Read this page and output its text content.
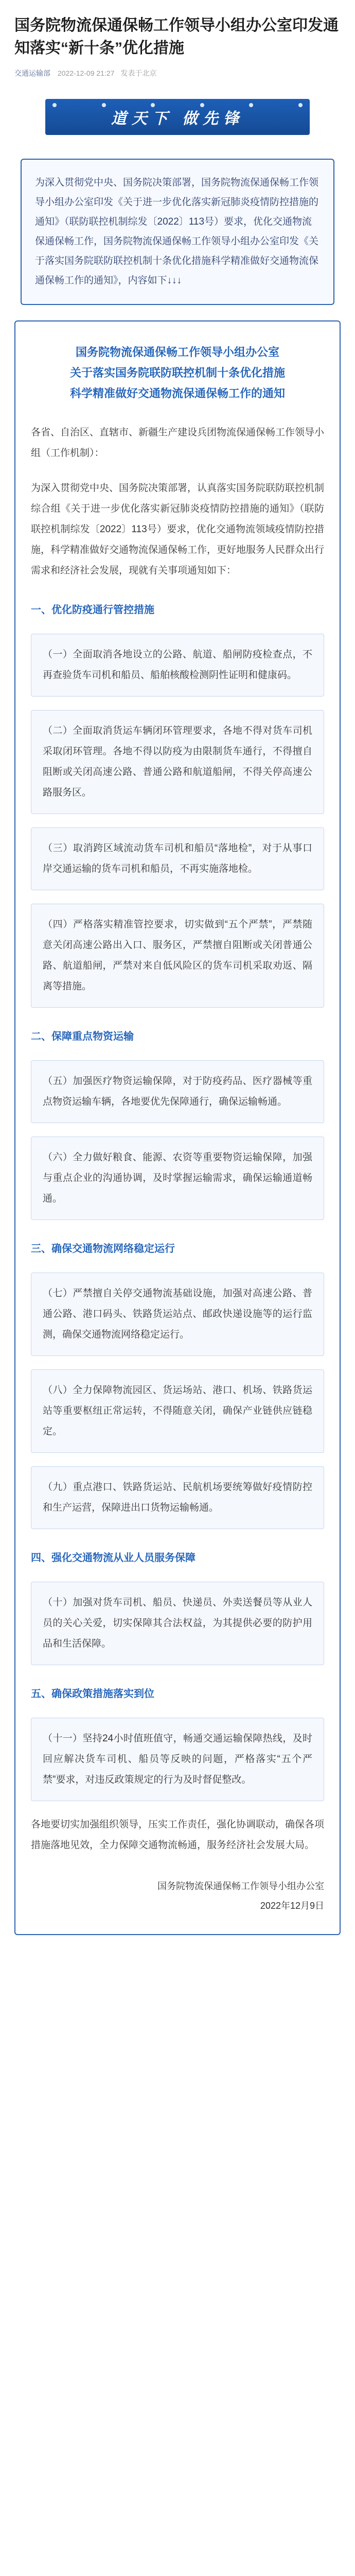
国务院物流保通保畅工作领导小组办公室印发通知落实“新十条”优化措施
交通运输部 2022-12-09 21:27 发表于北京
道天下 做先锋
为深入贯彻党中央、国务院决策部署，国务院物流保通保畅工作领导小组办公室印发《关于进一步优化落实新冠肺炎疫情防控措施的通知》（联防联控机制综发〔2022〕113号）要求，优化交通物流保通保畅工作，国务院物流保通保畅工作领导小组办公室印发《关于落实国务院联防联控机制十条优化措施科学精准做好交通物流保通保畅工作的通知》，内容如下↓↓↓
国务院物流保通保畅工作领导小组办公室
关于落实国务院联防联控机制十条优化措施
科学精准做好交通物流保通保畅工作的通知

各省、自治区、直辖市、新疆生产建设兵团物流保通保畅工作领导小组（工作机制）：

为深入贯彻党中央、国务院决策部署，认真落实国务院联防联控机制综合组《关于进一步优化落实新冠肺炎疫情防控措施的通知》（联防联控机制综发〔2022〕113号）要求，优化交通物流领域疫情防控措施，科学精准做好交通物流保通保畅工作，更好地服务人民群众出行需求和经济社会发展，现就有关事项通知如下：

一、优化防疫通行管控措施
（一）全面取消各地设立的公路、航道、船闸防疫检查点，不再查验货车司机和船员、船舶核酸检测阴性证明和健康码。
（二）全面取消货运车辆闭环管理要求，各地不得对货车司机采取闭环管理。各地不得以防疫为由限制货车通行，不得擅自阻断或关闭高速公路、普通公路和航道船闸，不得关停高速公路服务区。
（三）取消跨区域流动货车司机和船员“落地检”，对于从事口岸交通运输的货车司机和船员，不再实施落地检。
（四）严格落实精准管控要求，切实做到“五个严禁”，严禁随意关闭高速公路出入口、服务区，严禁擅自阻断或关闭普通公路、航道船闸，严禁对来自低风险区的货车司机采取劝返、隔离等措施。
二、保障重点物资运输
（五）加强医疗物资运输保障，对于防疫药品、医疗器械等重点物资运输车辆，各地要优先保障通行，确保运输畅通。
（六）全力做好粮食、能源、农资等重要物资运输保障，加强与重点企业的沟通协调，及时掌握运输需求，确保运输通道畅通。
三、确保交通物流网络稳定运行
（七）严禁擅自关停交通物流基础设施，加强对高速公路、普通公路、港口码头、铁路货运站点、邮政快递设施等的运行监测，确保交通物流网络稳定运行。
（八）全力保障物流园区、货运场站、港口、机场、铁路货运站等重要枢纽正常运转，不得随意关闭，确保产业链供应链稳定。
（九）重点港口、铁路货运站、民航机场要统筹做好疫情防控和生产运营，保障进出口货物运输畅通。
四、强化交通物流从业人员服务保障
（十）加强对货车司机、船员、快递员、外卖送餐员等从业人员的关心关爱，切实保障其合法权益，为其提供必要的防护用品和生活保障。
五、确保政策措施落实到位
（十一）坚持24小时值班值守，畅通交通运输保障热线，及时回应解决货车司机、船员等反映的问题，严格落实“五个严禁”要求，对违反政策规定的行为及时督促整改。

各地要切实加强组织领导，压实工作责任，强化协调联动，确保各项措施落地见效，全力保障交通物流畅通，服务经济社会发展大局。

国务院物流保通保畅工作领导小组办公室
2022年12月9日
